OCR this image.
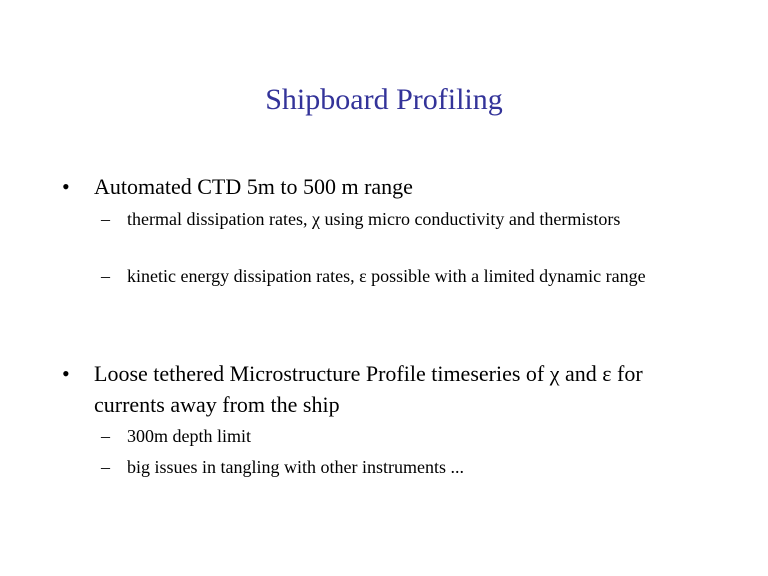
Shipboard Profiling
•	Automated CTD 5m to 500 m range
– thermal dissipation rates, χ using micro conductivity and thermistors
– kinetic energy dissipation rates, ε possible with a limited dynamic range
•	Loose tethered Microstructure Profile timeseries of χ and ε for currents away from the ship
– 300m depth limit
– big issues in tangling with other instruments ...
